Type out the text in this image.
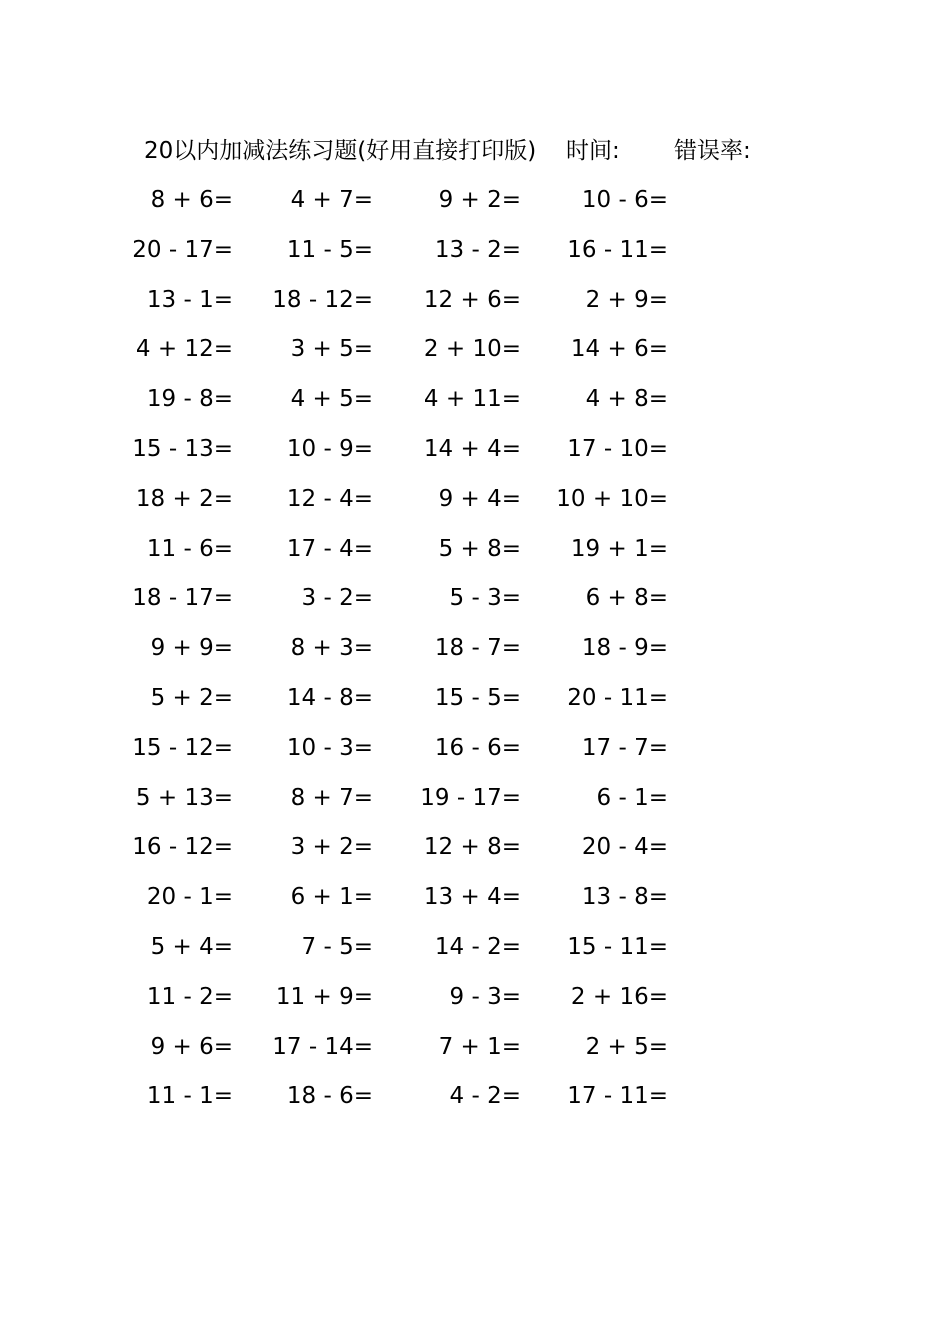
20以内加减法练习题(好用直接打印版) 时间: 错误率:
8 + 6=	4 + 7=	9 + 2=	10 - 6=
20 - 17=	11 - 5=	13 - 2=	16 - 11=
13 - 1=	18 - 12=	12 + 6=	2 + 9=
4 + 12=	3 + 5=	2 + 10=	14 + 6=
19 - 8=	4 + 5=	4 + 11=	4 + 8=
15 - 13=	10 - 9=	14 + 4=	17 - 10=
18 + 2=	12 - 4=	9 + 4=	10 + 10=
11 - 6=	17 - 4=	5 + 8=	19 + 1=
18 - 17=	3 - 2=	5 - 3=	6 + 8=
9 + 9=	8 + 3=	18 - 7=	18 - 9=
5 + 2=	14 - 8=	15 - 5=	20 - 11=
15 - 12=	10 - 3=	16 - 6=	17 - 7=
5 + 13=	8 + 7=	19 - 17=	6 - 1=
16 - 12=	3 + 2=	12 + 8=	20 - 4=
20 - 1=	6 + 1=	13 + 4=	13 - 8=
5 + 4=	7 - 5=	14 - 2=	15 - 11=
11 - 2=	11 + 9=	9 - 3=	2 + 16=
9 + 6=	17 - 14=	7 + 1=	2 + 5=
11 - 1=	18 - 6=	4 - 2=	17 - 11=
